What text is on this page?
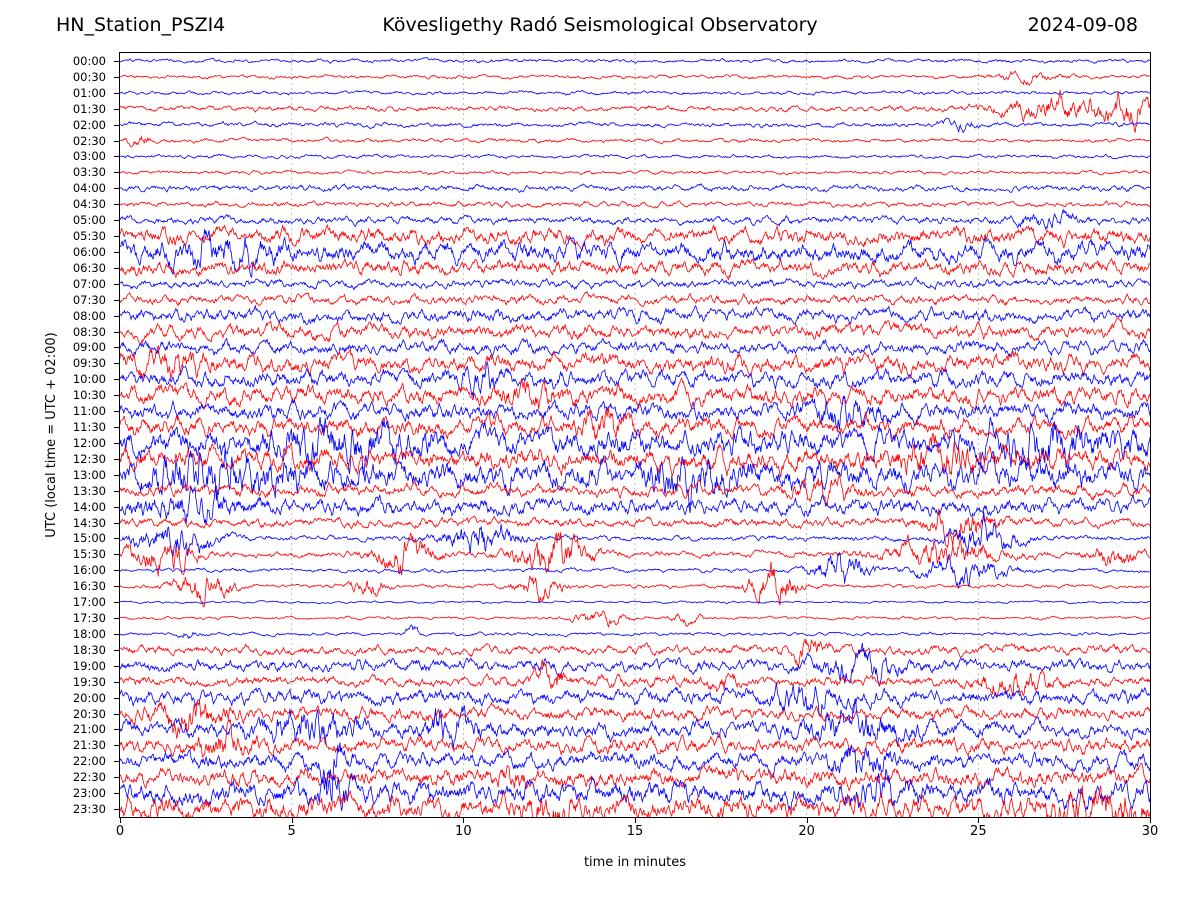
HN_Station_PSZI4	Kövesligethy Radó Seismological Observatory	2024-09-08
UTC (local time = UTC + 02:00)
time in minutes
00:00
00:30
01:00
01:30
02:00
02:30
03:00
03:30
04:00
04:30
05:00
05:30
06:00
06:30
07:00
07:30
08:00
08:30
09:00
09:30
10:00
10:30
11:00
11:30
12:00
12:30
13:00
13:30
14:00
14:30
15:00
15:30
16:00
16:30
17:00
17:30
18:00
18:30
19:00
19:30
20:00
20:30
21:00
21:30
22:00
22:30
23:00
23:30
0	5	10	15	20	25	30
